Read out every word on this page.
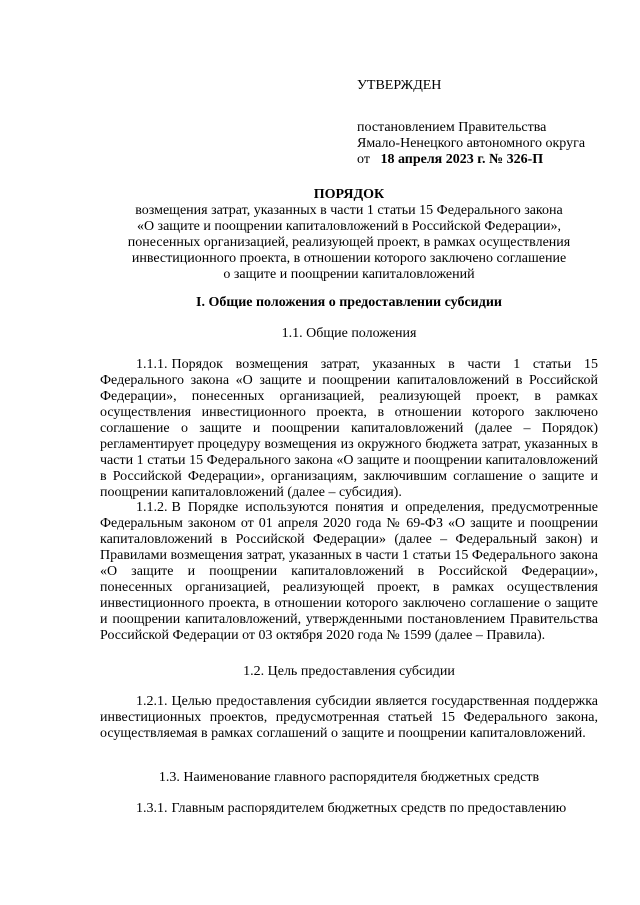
УТВЕРЖДЕН
постановлением Правительства
Ямало-Ненецкого автономного округа
от 18 апреля 2023 г. № 326-П
ПОРЯДОК
возмещения затрат, указанных в части 1 статьи 15 Федерального закона
«О защите и поощрении капиталовложений в Российской Федерации»,
понесенных организацией, реализующей проект, в рамках осуществления
инвестиционного проекта, в отношении которого заключено соглашение
о защите и поощрении капиталовложений
I. Общие положения о предоставлении субсидии
1.1. Общие положения

1.1.1. Порядок возмещения затрат, указанных в части 1 статьи 15 Федерального закона «О защите и поощрении капиталовложений в Российской Федерации», понесенных организацией, реализующей проект, в рамках осуществления инвестиционного проекта, в отношении которого заключено соглашение о защите и поощрении капиталовложений (далее – Порядок) регламентирует процедуру возмещения из окружного бюджета затрат, указанных в части 1 статьи 15 Федерального закона «О защите и поощрении капиталовложений в Российской Федерации», организациям, заключившим соглашение о защите и поощрении капиталовложений (далее – субсидия).

1.1.2. В Порядке используются понятия и определения, предусмотренные Федеральным законом от 01 апреля 2020 года № 69-ФЗ «О защите и поощрении капиталовложений в Российской Федерации» (далее – Федеральный закон) и Правилами возмещения затрат, указанных в части 1 статьи 15 Федерального закона «О защите и поощрении капиталовложений в Российской Федерации», понесенных организацией, реализующей проект, в рамках осуществления инвестиционного проекта, в отношении которого заключено соглашение о защите и поощрении капиталовложений, утвержденными постановлением Правительства Российской Федерации от 03 октября 2020 года № 1599 (далее – Правила).

1.2. Цель предоставления субсидии

1.2.1. Целью предоставления субсидии является государственная поддержка инвестиционных проектов, предусмотренная статьей 15 Федерального закона, осуществляемая в рамках соглашений о защите и поощрении капиталовложений.

1.3. Наименование главного распорядителя бюджетных средств

1.3.1. Главным распорядителем бюджетных средств по предоставлению
